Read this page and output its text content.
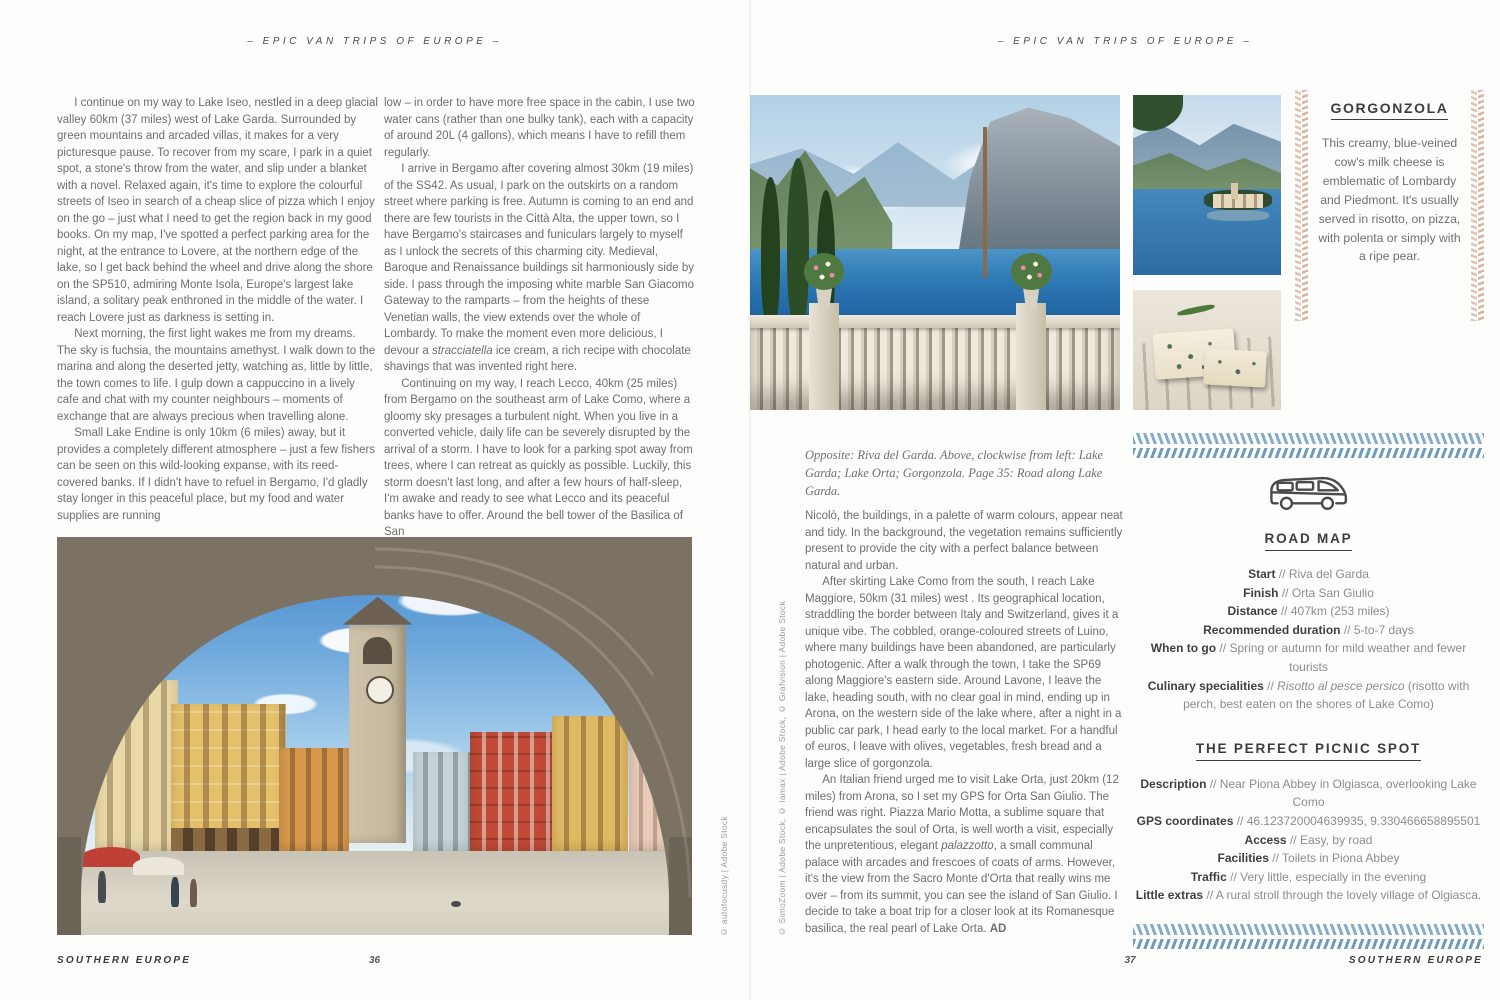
– EPIC VAN TRIPS OF EUROPE –	– EPIC VAN TRIPS OF EUROPE –

I continue on my way to Lake Iseo, nestled in a deep glacial valley 60km (37 miles) west of Lake Garda. Surrounded by green mountains and arcaded villas, it makes for a very picturesque pause. To recover from my scare, I park in a quiet spot, a stone's throw from the water, and slip under a blanket with a novel. Relaxed again, it's time to explore the colourful streets of Iseo in search of a cheap slice of pizza which I enjoy on the go – just what I need to get the region back in my good books. On my map, I've spotted a perfect parking area for the night, at the entrance to Lovere, at the northern edge of the lake, so I get back behind the wheel and drive along the shore on the SP510, admiring Monte Isola, Europe's largest lake island, a solitary peak enthroned in the middle of the water. I reach Lovere just as darkness is setting in.

Next morning, the first light wakes me from my dreams. The sky is fuchsia, the mountains amethyst. I walk down to the marina and along the deserted jetty, watching as, little by little, the town comes to life. I gulp down a cappuccino in a lively cafe and chat with my counter neighbours – moments of exchange that are always precious when travelling alone.

Small Lake Endine is only 10km (6 miles) away, but it provides a completely different atmosphere – just a few fishers can be seen on this wild-looking expanse, with its reed-covered banks. If I didn't have to refuel in Bergamo, I'd gladly stay longer in this peaceful place, but my food and water supplies are running

low – in order to have more free space in the cabin, I use two water cans (rather than one bulky tank), each with a capacity of around 20L (4 gallons), which means I have to refill them regularly.

I arrive in Bergamo after covering almost 30km (19 miles) of the SS42. As usual, I park on the outskirts on a random street where parking is free. Autumn is coming to an end and there are few tourists in the Città Alta, the upper town, so I have Bergamo's staircases and funiculars largely to myself as I unlock the secrets of this charming city. Medieval, Baroque and Renaissance buildings sit harmoniously side by side. I pass through the imposing white marble San Giacomo Gateway to the ramparts – from the heights of these Venetian walls, the view extends over the whole of Lombardy. To make the moment even more delicious, I devour a stracciatella ice cream, a rich recipe with chocolate shavings that was invented right here.

Continuing on my way, I reach Lecco, 40km (25 miles) from Bergamo on the southeast arm of Lake Como, where a gloomy sky presages a turbulent night. When you live in a converted vehicle, daily life can be severely disrupted by the arrival of a storm. I have to look for a parking spot away from trees, where I can retreat as quickly as possible. Luckily, this storm doesn't last long, and after a few hours of half-sleep, I'm awake and ready to see what Lecco and its peaceful banks have to offer. Around the bell tower of the Basilica of San

GORGONZOLA
This creamy, blue-veined cow's milk cheese is emblematic of Lombardy and Piedmont. It's usually served in risotto, on pizza, with polenta or simply with a ripe pear.
Opposite: Riva del Garda. Above, clockwise from left: Lake Garda; Lake Orta; Gorgonzola. Page 35: Road along Lake Garda.

Nicolò, the buildings, in a palette of warm colours, appear neat and tidy. In the background, the vegetation remains sufficiently present to provide the city with a perfect balance between natural and urban.

After skirting Lake Como from the south, I reach Lake Maggiore, 50km (31 miles) west . Its geographical location, straddling the border between Italy and Switzerland, gives it a unique vibe. The cobbled, orange-coloured streets of Luino, where many buildings have been abandoned, are particularly photogenic. After a walk through the town, I take the SP69 along Maggiore's eastern side. Around Lavone, I leave the lake, heading south, with no clear goal in mind, ending up in Arona, on the western side of the lake where, after a night in a public car park, I head early to the local market. For a handful of euros, I leave with olives, vegetables, fresh bread and a large slice of gorgonzola.

An Italian friend urged me to visit Lake Orta, just 20km (12 miles) from Arona, so I set my GPS for Orta San Giulio. The friend was right. Piazza Mario Motta, a sublime square that encapsulates the soul of Orta, is well worth a visit, especially the unpretentious, elegant palazzotto, a small communal palace with arcades and frescoes of coats of arms. However, it's the view from the Sacro Monte d'Orta that really wins me over – from its summit, you can see the island of San Giulio. I decide to take a boat trip for a closer look at its Romanesque basilica, the real pearl of Lake Orta. AD

ROAD MAP
Start // Riva del Garda
Finish // Orta San Giulio
Distance // 407km (253 miles)
Recommended duration // 5-to-7 days
When to go // Spring or autumn for mild weather and fewer tourists
Culinary specialities // Risotto al pesce persico (risotto with perch, best eaten on the shores of Lake Como)
THE PERFECT PICNIC SPOT
Description // Near Piona Abbey in Olgiasca, overlooking Lake Como
GPS coordinates // 46.123720004639935, 9.330466658895501
Access // Easy, by road
Facilities // Toilets in Piona Abbey
Traffic // Very little, especially in the evening
Little extras // A rural stroll through the lovely village of Olgiasca.
© autofocusdy | Adobe Stock	© SimoZoom | Adobe Stock, © Iamax | Adobe Stock, © Grafvision | Adobe Stock
SOUTHERN EUROPE	36	37	SOUTHERN EUROPE
